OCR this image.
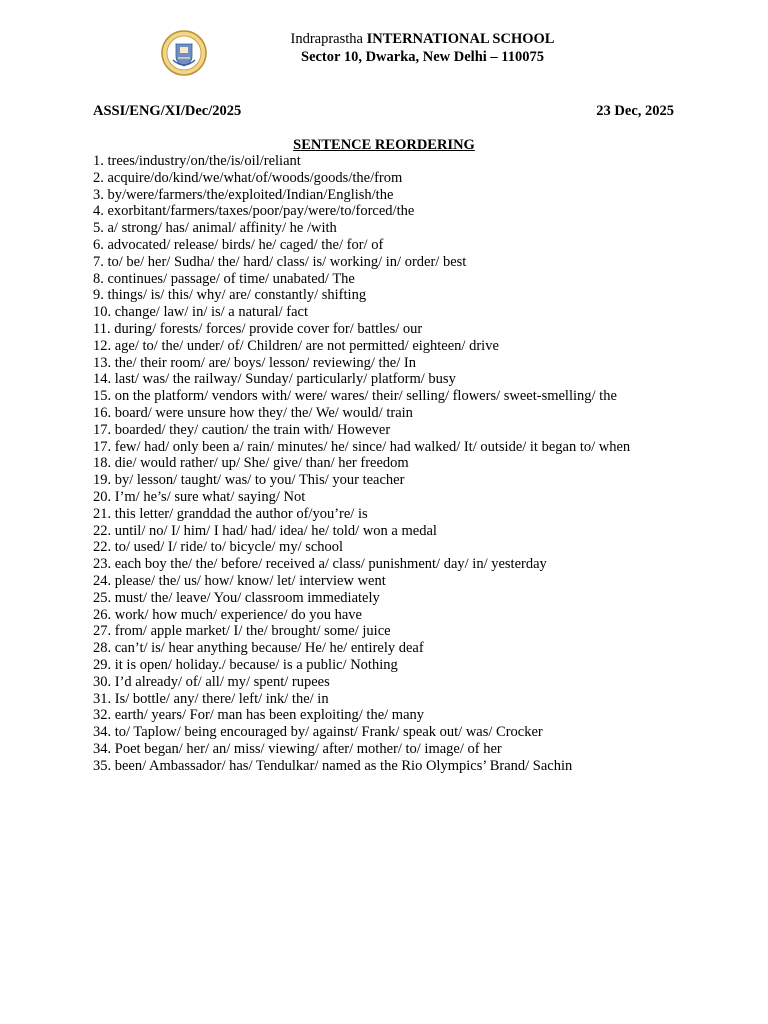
Indraprastha INTERNATIONAL SCHOOL
Sector 10, Dwarka, New Delhi – 110075
ASSI/ENG/XI/Dec/2025	23 Dec, 2025
SENTENCE REORDERING
1. trees/industry/on/the/is/oil/reliant
2. acquire/do/kind/we/what/of/woods/goods/the/from
3. by/were/farmers/the/exploited/Indian/English/the
4. exorbitant/farmers/taxes/poor/pay/were/to/forced/the
5. a/ strong/ has/ animal/ affinity/ he /with
6. advocated/ release/ birds/ he/ caged/ the/ for/ of
7. to/ be/ her/ Sudha/ the/ hard/ class/ is/ working/ in/ order/ best
8. continues/ passage/ of time/ unabated/ The
9. things/ is/ this/ why/ are/ constantly/ shifting
10. change/ law/ in/ is/ a natural/ fact
11. during/ forests/ forces/ provide cover for/ battles/ our
12. age/ to/ the/ under/ of/ Children/ are not permitted/ eighteen/ drive
13. the/ their room/ are/ boys/ lesson/ reviewing/ the/ In
14. last/ was/ the railway/ Sunday/ particularly/ platform/ busy
15. on the platform/ vendors with/ were/ wares/ their/ selling/ flowers/ sweet-smelling/ the
16. board/ were unsure how they/ the/ We/ would/ train
17. boarded/ they/ caution/ the train with/ However
17. few/ had/ only been a/ rain/ minutes/ he/ since/ had walked/ It/ outside/ it began to/ when
18. die/ would rather/ up/ She/ give/ than/ her freedom
19. by/ lesson/ taught/ was/ to you/ This/ your teacher
20. I’m/ he’s/ sure what/ saying/ Not
21. this letter/ granddad the author of/you’re/ is
22. until/ no/ I/ him/ I had/ had/ idea/ he/ told/ won a medal
22. to/ used/ I/ ride/ to/ bicycle/ my/ school
23. each boy the/ the/ before/ received a/ class/ punishment/ day/ in/ yesterday
24. please/ the/ us/ how/ know/ let/ interview went
25. must/ the/ leave/ You/ classroom immediately
26. work/ how much/ experience/ do you have
27. from/ apple market/ I/ the/ brought/ some/ juice
28. can’t/ is/ hear anything because/ He/ he/ entirely deaf
29. it is open/ holiday./ because/ is a public/ Nothing
30. I’d already/ of/ all/ my/ spent/ rupees
31. Is/ bottle/ any/ there/ left/ ink/ the/ in
32. earth/ years/ For/ man has been exploiting/ the/ many
34. to/ Taplow/ being encouraged by/ against/ Frank/ speak out/ was/ Crocker
34. Poet began/ her/ an/ miss/ viewing/ after/ mother/ to/ image/ of her
35. been/ Ambassador/ has/ Tendulkar/ named as the Rio Olympics’ Brand/ Sachin
